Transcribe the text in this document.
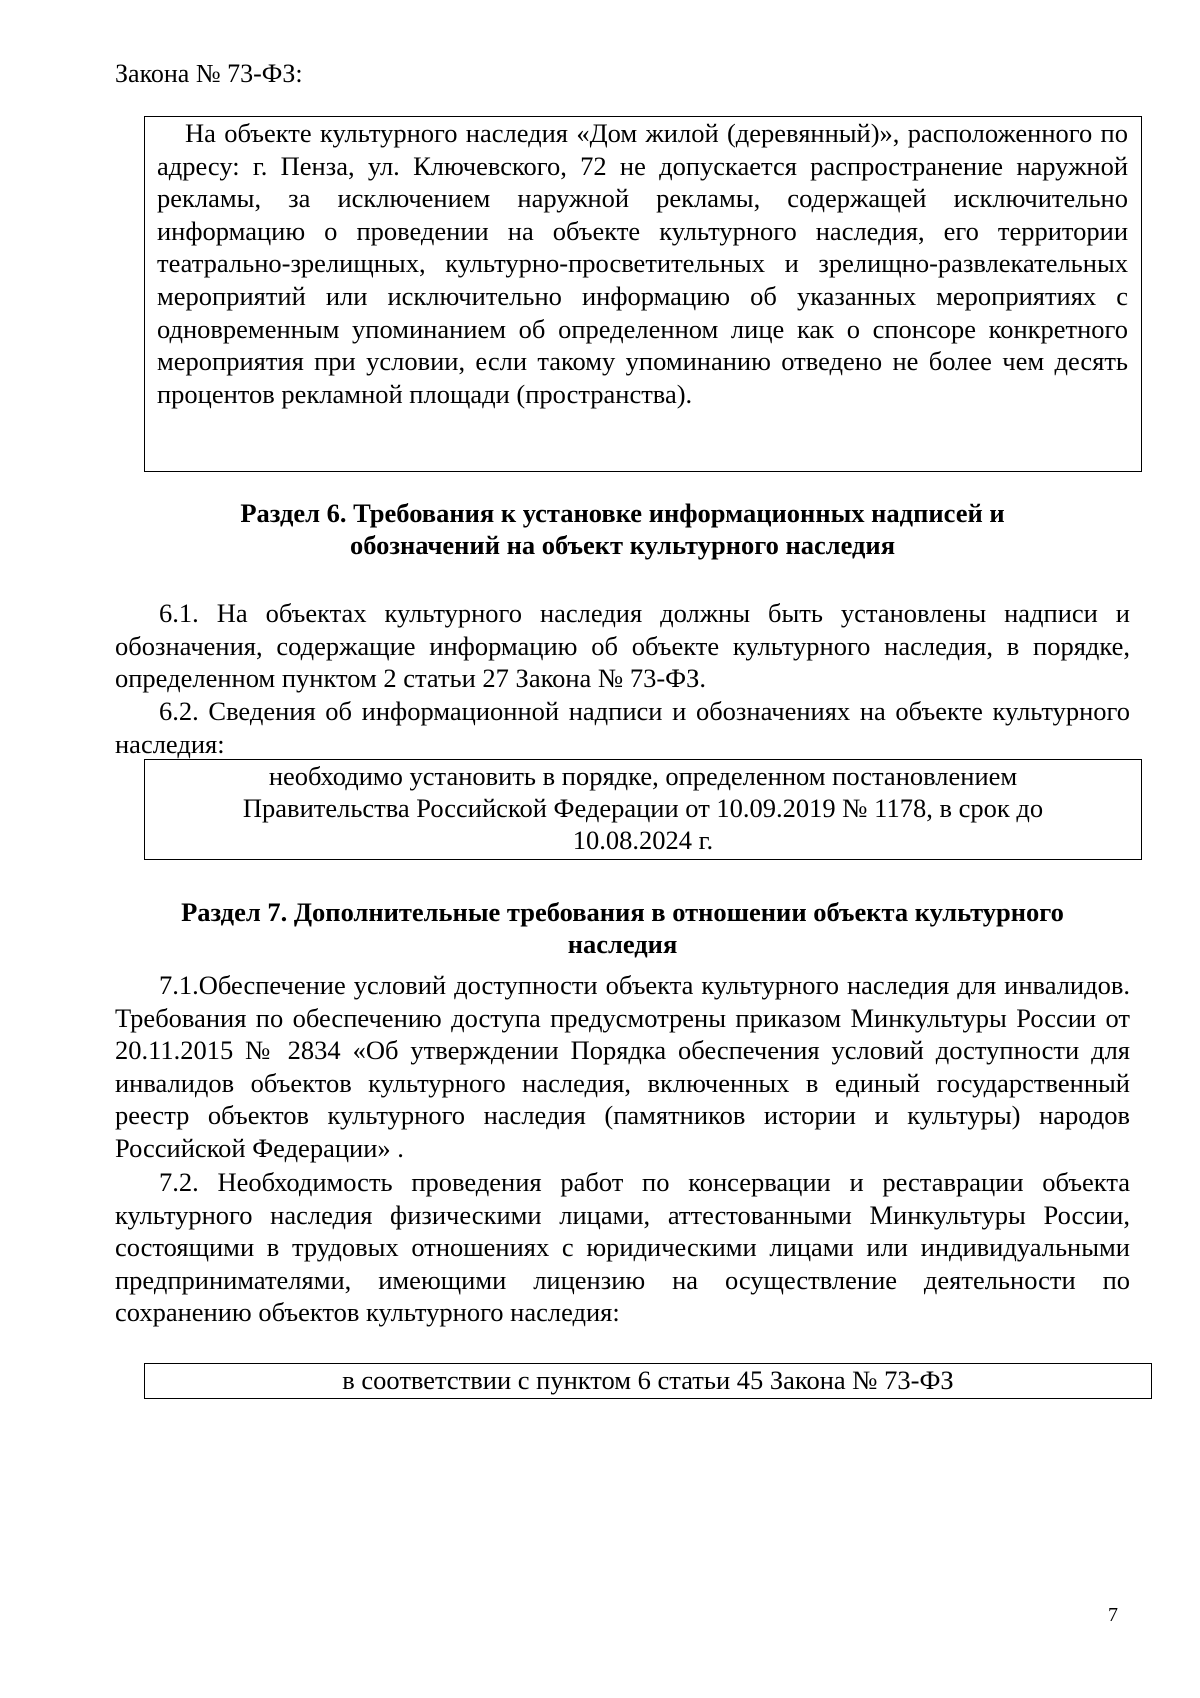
Закона № 73-ФЗ:

На объекте культурного наследия «Дом жилой (деревянный)», расположенного по адресу: г. Пенза, ул. Ключевского, 72 не допускается распространение наружной рекламы, за исключением наружной рекламы, содержащей исключительно информацию о проведении на объекте культурного наследия, его территории театрально-зрелищных, культурно-просветительных и зрелищно-развлекательных мероприятий или исключительно информацию об указанных мероприятиях с одновременным упоминанием об определенном лице как о спонсоре конкретного мероприятия при условии, если такому упоминанию отведено не более чем десять процентов рекламной площади (пространства).

Раздел 6. Требования к установке информационных надписей и
обозначений на объект культурного наследия

6.1. На объектах культурного наследия должны быть установлены надписи и обозначения, содержащие информацию об объекте культурного наследия, в порядке, определенном пунктом 2 статьи 27 Закона № 73-ФЗ.

6.2. Сведения об информационной надписи и обозначениях на объекте культурного наследия:

необходимо установить в порядке, определенном постановлением
Правительства Российской Федерации от 10.09.2019 № 1178, в срок до
10.08.2024 г.
Раздел 7. Дополнительные требования в отношении объекта культурного
наследия

7.1.Обеспечение условий доступности объекта культурного наследия для инвалидов. Требования по обеспечению доступа предусмотрены приказом Минкультуры России от 20.11.2015 № 2834 «Об утверждении Порядка обеспечения условий доступности для инвалидов объектов культурного наследия, включенных в единый государственный реестр объектов культурного наследия (памятников истории и культуры) народов Российской Федерации» .

7.2. Необходимость проведения работ по консервации и реставрации объекта культурного наследия физическими лицами, аттестованными Минкультуры России, состоящими в трудовых отношениях с юридическими лицами или индивидуальными предпринимателями, имеющими лицензию на осуществление деятельности по сохранению объектов культурного наследия:

в соответствии с пунктом 6 статьи 45 Закона № 73-ФЗ
7
